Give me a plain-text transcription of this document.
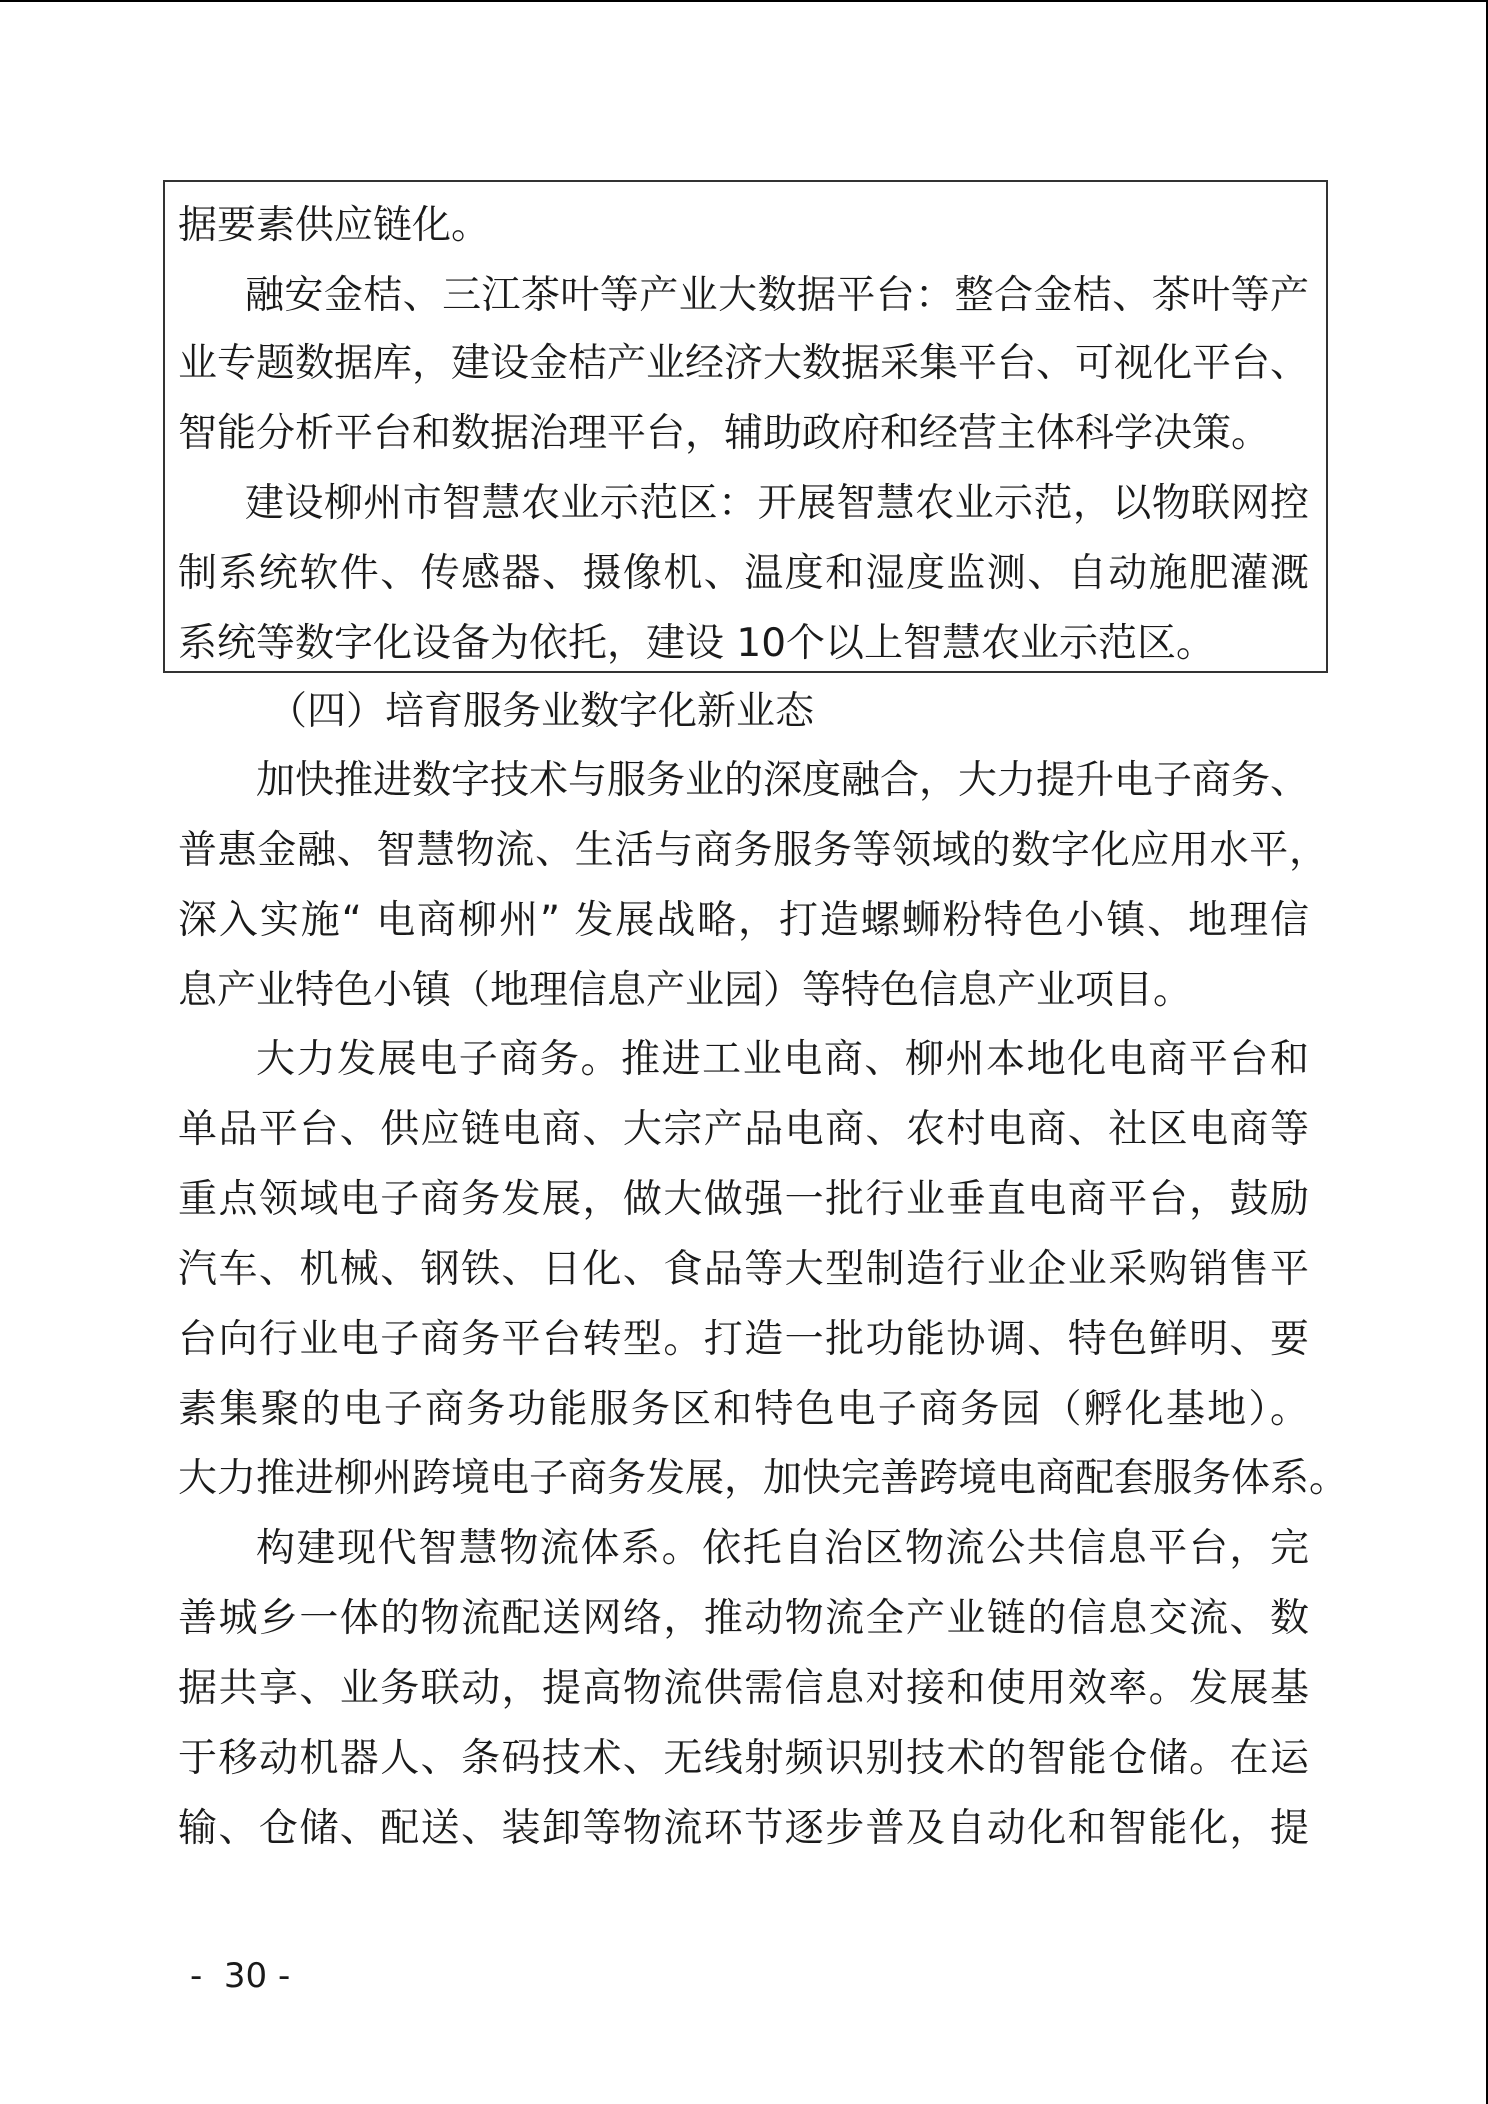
据要素供应链化。

融安金桔、三江茶叶等产业大数据平台：整合金桔、茶叶等产

业专题数据库，建设金桔产业经济大数据采集平台、可视化平台、

智能分析平台和数据治理平台，辅助政府和经营主体科学决策。

建设柳州市智慧农业示范区：开展智慧农业示范，以物联网控

制系统软件、传感器、摄像机、温度和湿度监测、自动施肥灌溉

系统等数字化设备为依托，建设 10个以上智慧农业示范区。

（四）培育服务业数字化新业态

加快推进数字技术与服务业的深度融合，大力提升电子商务、

普惠金融、智慧物流、生活与商务服务等领域的数字化应用水平，

深入实施“ 电商柳州” 发展战略，打造螺蛳粉特色小镇、地理信

息产业特色小镇（地理信息产业园）等特色信息产业项目。

大力发展电子商务。推进工业电商、柳州本地化电商平台和

单品平台、供应链电商、大宗产品电商、农村电商、社区电商等

重点领域电子商务发展，做大做强一批行业垂直电商平台，鼓励

汽车、机械、钢铁、日化、食品等大型制造行业企业采购销售平

台向行业电子商务平台转型。打造一批功能协调、特色鲜明、要

素集聚的电子商务功能服务区和特色电子商务园（孵化基地）。

大力推进柳州跨境电子商务发展，加快完善跨境电商配套服务体系。

构建现代智慧物流体系。依托自治区物流公共信息平台，完

善城乡一体的物流配送网络，推动物流全产业链的信息交流、数

据共享、业务联动，提高物流供需信息对接和使用效率。发展基

于移动机器人、条码技术、无线射频识别技术的智能仓储。在运

输、仓储、配送、装卸等物流环节逐步普及自动化和智能化，提

-  30 -
